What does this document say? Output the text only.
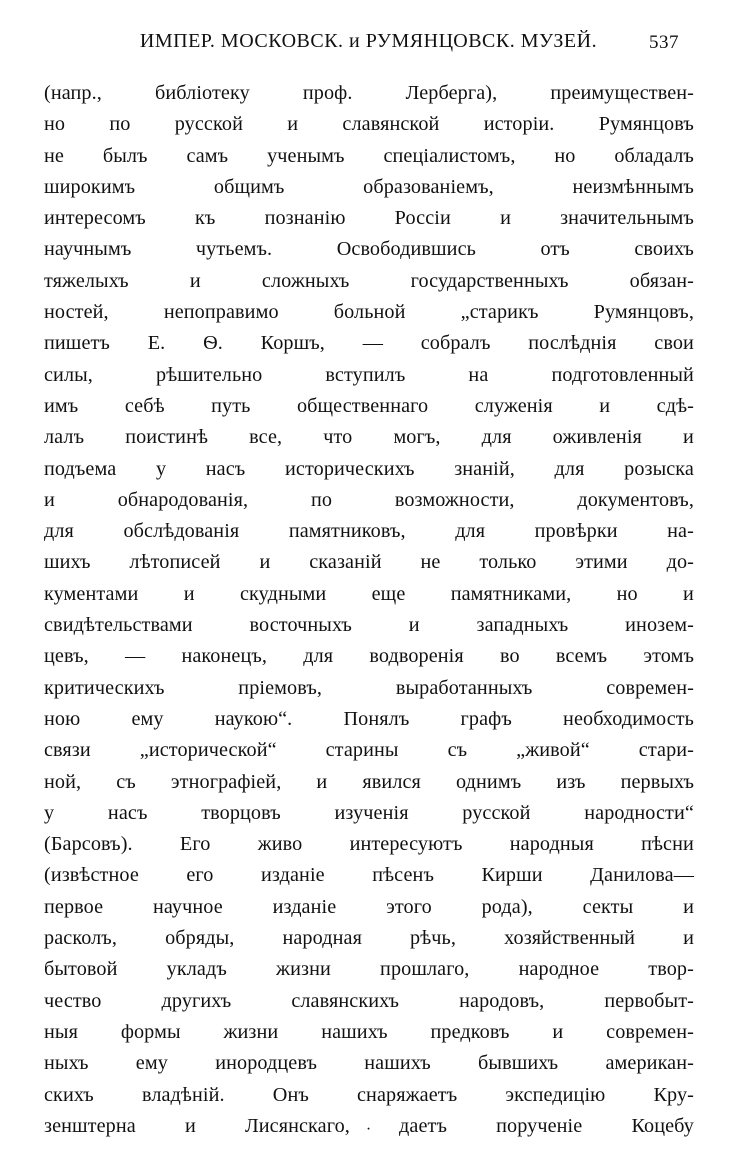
ИМПЕР. МОСКОВСК. и РУМЯНЦОВСК. МУЗЕЙ.	537
(напр.,	библіотеку	проф.	Лерберга),	преимуществен-
но по русской и славянской исторіи. Румянцовъ
не былъ самъ ученымъ спеціалистомъ, но обладалъ
широкимъ	общимъ	образованіемъ,	неизмѣннымъ
интересомъ къ познанію Россіи и значительнымъ
научнымъ	чутьемъ.	Освободившись	отъ	своихъ
тяжелыхъ	и	сложныхъ	государственныхъ	обязан-
ностей,	непоправимо	больной	„старикъ	Румянцовъ,
пишетъ Е. Ѳ. Коршъ, — собралъ послѣднія свои
силы,	рѣшительно	вступилъ	на	подготовленный
имъ себѣ путь общественнаго служенія и сдѣ-
лалъ поистинѣ все, что могъ, для оживленія и
подъема у насъ историческихъ знаній, для розыска
и	обнародованія,	по	возможности,	документовъ,
для обслѣдованія памятниковъ, для провѣрки на-
шихъ лѣтописей и сказаній не только этими до-
кументами и скудными еще памятниками, но и
свидѣтельствами	восточныхъ	и	западныхъ	инозем-
цевъ, — наконецъ, для водворенія во всемъ этомъ
критическихъ	пріемовъ,	выработанныхъ	современ-
ною	ему	наукою“.	Понялъ	графъ	необходимость
связи „исторической“ старины съ „живой“ стари-
ной, съ этнографіей, и явился однимъ изъ первыхъ
у	насъ	творцовъ	изученія	русской	народности“
(Барсовъ). Его живо интересуютъ народныя пѣсни
(извѣстное его изданіе пѣсенъ Кирши Данилова—
первое научное изданіе этого рода), секты и
расколъ, обряды, народная рѣчь, хозяйственный и
бытовой укладъ жизни прошлаго, народное твор-
чество	другихъ	славянскихъ	народовъ,	первобыт-
ныя формы жизни нашихъ предковъ и современ-
ныхъ ему инородцевъ нашихъ бывшихъ американ-
скихъ владѣній. Онъ снаряжаетъ экспедицію Кру-
зенштерна и Лисянскаго, даетъ порученіе Коцебу
·
